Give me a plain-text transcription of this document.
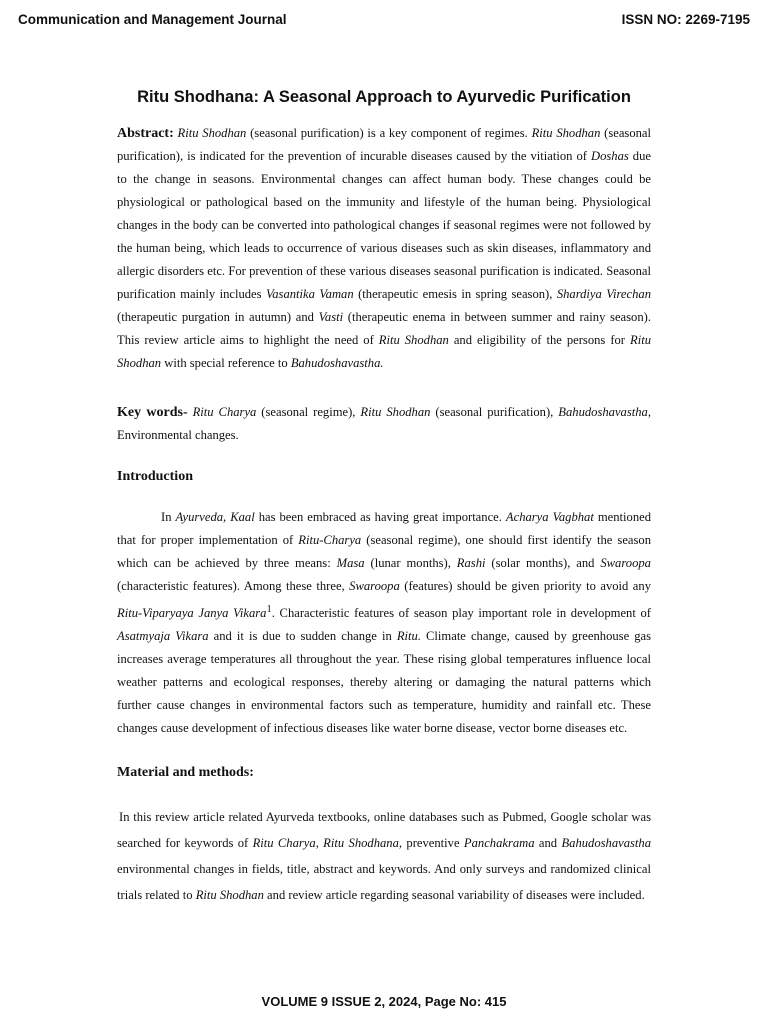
Communication and Management Journal	ISSN NO: 2269-7195
Ritu Shodhana: A Seasonal Approach to Ayurvedic Purification

Abstract: Ritu Shodhan (seasonal purification) is a key component of regimes. Ritu Shodhan (seasonal purification), is indicated for the prevention of incurable diseases caused by the vitiation of Doshas due to the change in seasons. Environmental changes can affect human body. These changes could be physiological or pathological based on the immunity and lifestyle of the human being. Physiological changes in the body can be converted into pathological changes if seasonal regimes were not followed by the human being, which leads to occurrence of various diseases such as skin diseases, inflammatory and allergic disorders etc. For prevention of these various diseases seasonal purification is indicated. Seasonal purification mainly includes Vasantika Vaman (therapeutic emesis in spring season), Shardiya Virechan (therapeutic purgation in autumn) and Vasti (therapeutic enema in between summer and rainy season). This review article aims to highlight the need of Ritu Shodhan and eligibility of the persons for Ritu Shodhan with special reference to Bahudoshavastha.

Key words- Ritu Charya (seasonal regime), Ritu Shodhan (seasonal purification), Bahudoshavastha, Environmental changes.

Introduction

In Ayurveda, Kaal has been embraced as having great importance. Acharya Vagbhat mentioned that for proper implementation of Ritu-Charya (seasonal regime), one should first identify the season which can be achieved by three means: Masa (lunar months), Rashi (solar months), and Swaroopa (characteristic features). Among these three, Swaroopa (features) should be given priority to avoid any Ritu-Viparyaya Janya Vikara$^1$. Characteristic features of season play important role in development of Asatmyaja Vikara and it is due to sudden change in Ritu. Climate change, caused by greenhouse gas increases average temperatures all throughout the year. These rising global temperatures influence local weather patterns and ecological responses, thereby altering or damaging the natural patterns which further cause changes in environmental factors such as temperature, humidity and rainfall etc. These changes cause development of infectious diseases like water borne disease, vector borne diseases etc.

Material and methods:

In this review article related Ayurveda textbooks, online databases such as Pubmed, Google scholar was searched for keywords of Ritu Charya, Ritu Shodhana, preventive Panchakrama and Bahudoshavastha environmental changes in fields, title, abstract and keywords. And only surveys and randomized clinical trials related to Ritu Shodhan and review article regarding seasonal variability of diseases were included.

VOLUME 9 ISSUE 2, 2024, Page No: 415
